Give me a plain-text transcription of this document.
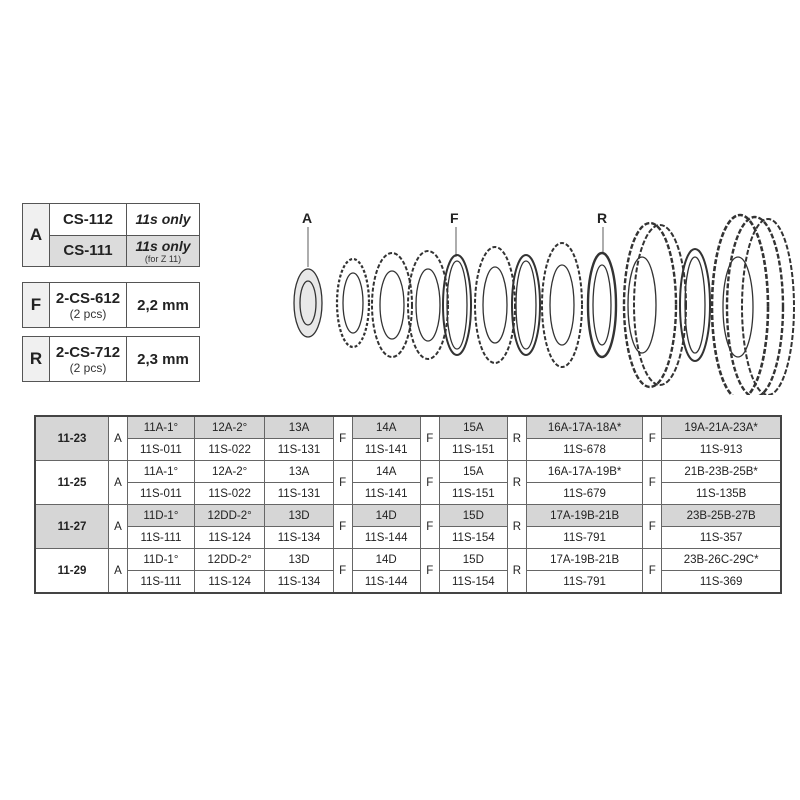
A
CS-112	11s only
CS-111	11s only
(for Z 11)
F 2-CS-612
(2 pcs)	2,2 mm
R 2-CS-712
(2 pcs)	2,3 mm
A	F	R
11-23	A	11A-1°	12A-2°	13A	F	14A	F	15A	R	16A-17A-18A*	F	19A-21A-23A*
		11S-011	11S-022	11S-131		11S-141		11S-151		11S-678		11S-913
11-25	A	11A-1°	12A-2°	13A	F	14A	F	15A	R	16A-17A-19B*	F	21B-23B-25B*
		11S-011	11S-022	11S-131		11S-141		11S-151		11S-679		11S-135B
11-27	A	11D-1°	12DD-2°	13D	F	14D	F	15D	R	17A-19B-21B	F	23B-25B-27B
		11S-111	11S-124	11S-134		11S-144		11S-154		11S-791		11S-357
11-29	A	11D-1°	12DD-2°	13D	F	14D	F	15D	R	17A-19B-21B	F	23B-26C-29C*
		11S-111	11S-124	11S-134		11S-144		11S-154		11S-791		11S-369
